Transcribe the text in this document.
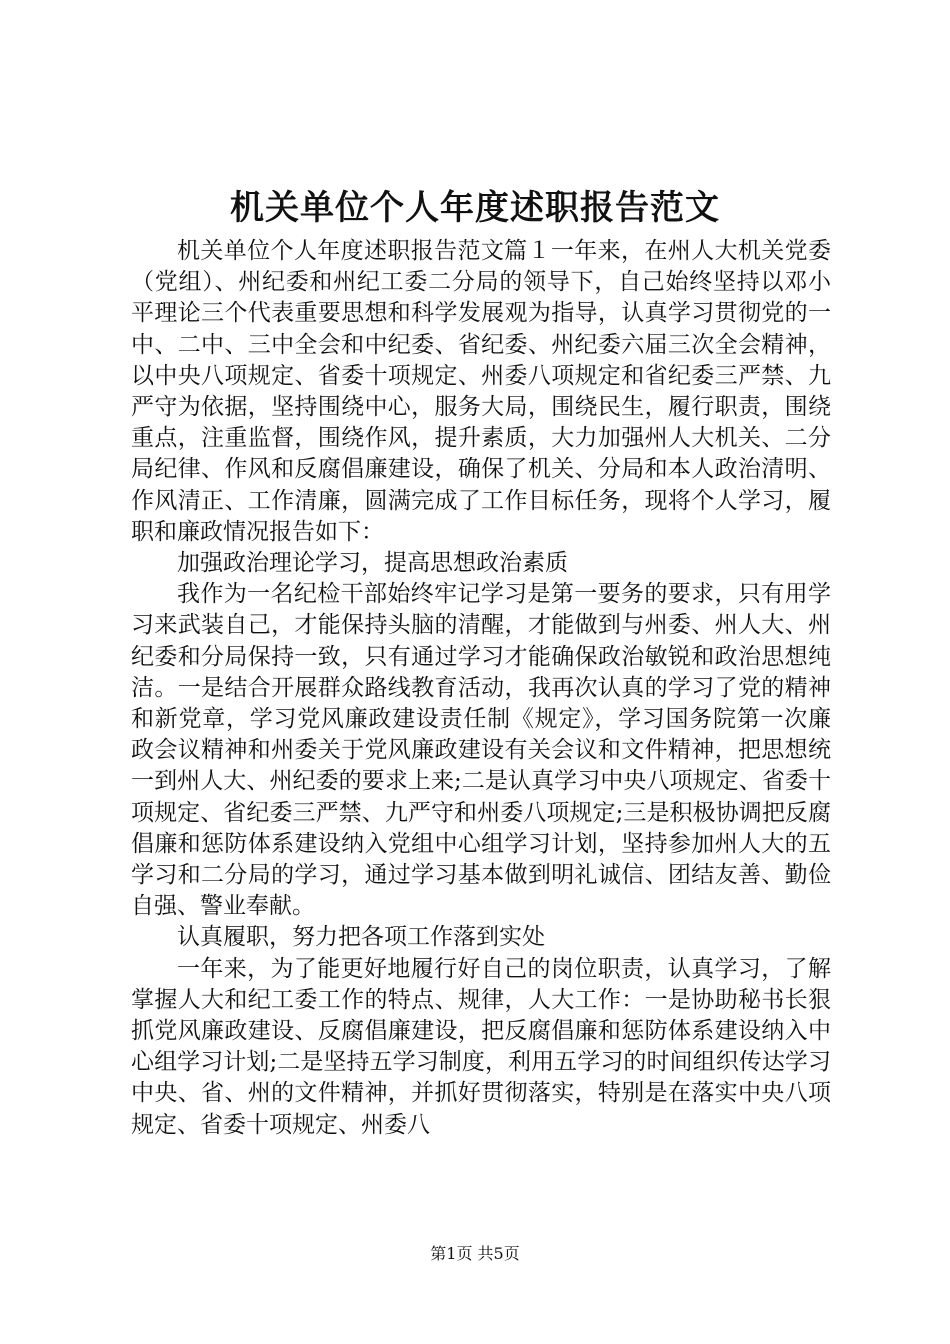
机关单位个人年度述职报告范文

机关单位个人年度述职报告范文篇１一年来，在州人大机关党委（党组）、州纪委和州纪工委二分局的领导下，自己始终坚持以邓小平理论三个代表重要思想和科学发展观为指导，认真学习贯彻党的一中、二中、三中全会和中纪委、省纪委、州纪委六届三次全会精神，以中央八项规定、省委十项规定、州委八项规定和省纪委三严禁、九严守为依据，坚持围绕中心，服务大局，围绕民生，履行职责，围绕重点，注重监督，围绕作风，提升素质，大力加强州人大机关、二分局纪律、作风和反腐倡廉建设，确保了机关、分局和本人政治清明、作风清正、工作清廉，圆满完成了工作目标任务，现将个人学习，履职和廉政情况报告如下：

加强政治理论学习，提高思想政治素质

我作为一名纪检干部始终牢记学习是第一要务的要求，只有用学习来武装自己，才能保持头脑的清醒，才能做到与州委、州人大、州纪委和分局保持一致，只有通过学习才能确保政治敏锐和政治思想纯洁。一是结合开展群众路线教育活动，我再次认真的学习了党的精神和新党章，学习党风廉政建设责任制《规定》，学习国务院第一次廉政会议精神和州委关于党风廉政建设有关会议和文件精神，把思想统一到州人大、州纪委的要求上来;二是认真学习中央八项规定、省委十项规定、省纪委三严禁、九严守和州委八项规定;三是积极协调把反腐倡廉和惩防体系建设纳入党组中心组学习计划，坚持参加州人大的五学习和二分局的学习，通过学习基本做到明礼诚信、团结友善、勤俭自强、警业奉献。

认真履职，努力把各项工作落到实处

一年来，为了能更好地履行好自己的岗位职责，认真学习，了解掌握人大和纪工委工作的特点、规律，人大工作：一是协助秘书长狠抓党风廉政建设、反腐倡廉建设，把反腐倡廉和惩防体系建设纳入中心组学习计划;二是坚持五学习制度，利用五学习的时间组织传达学习中央、省、州的文件精神，并抓好贯彻落实，特别是在落实中央八项规定、省委十项规定、州委八

第1页 共5页
